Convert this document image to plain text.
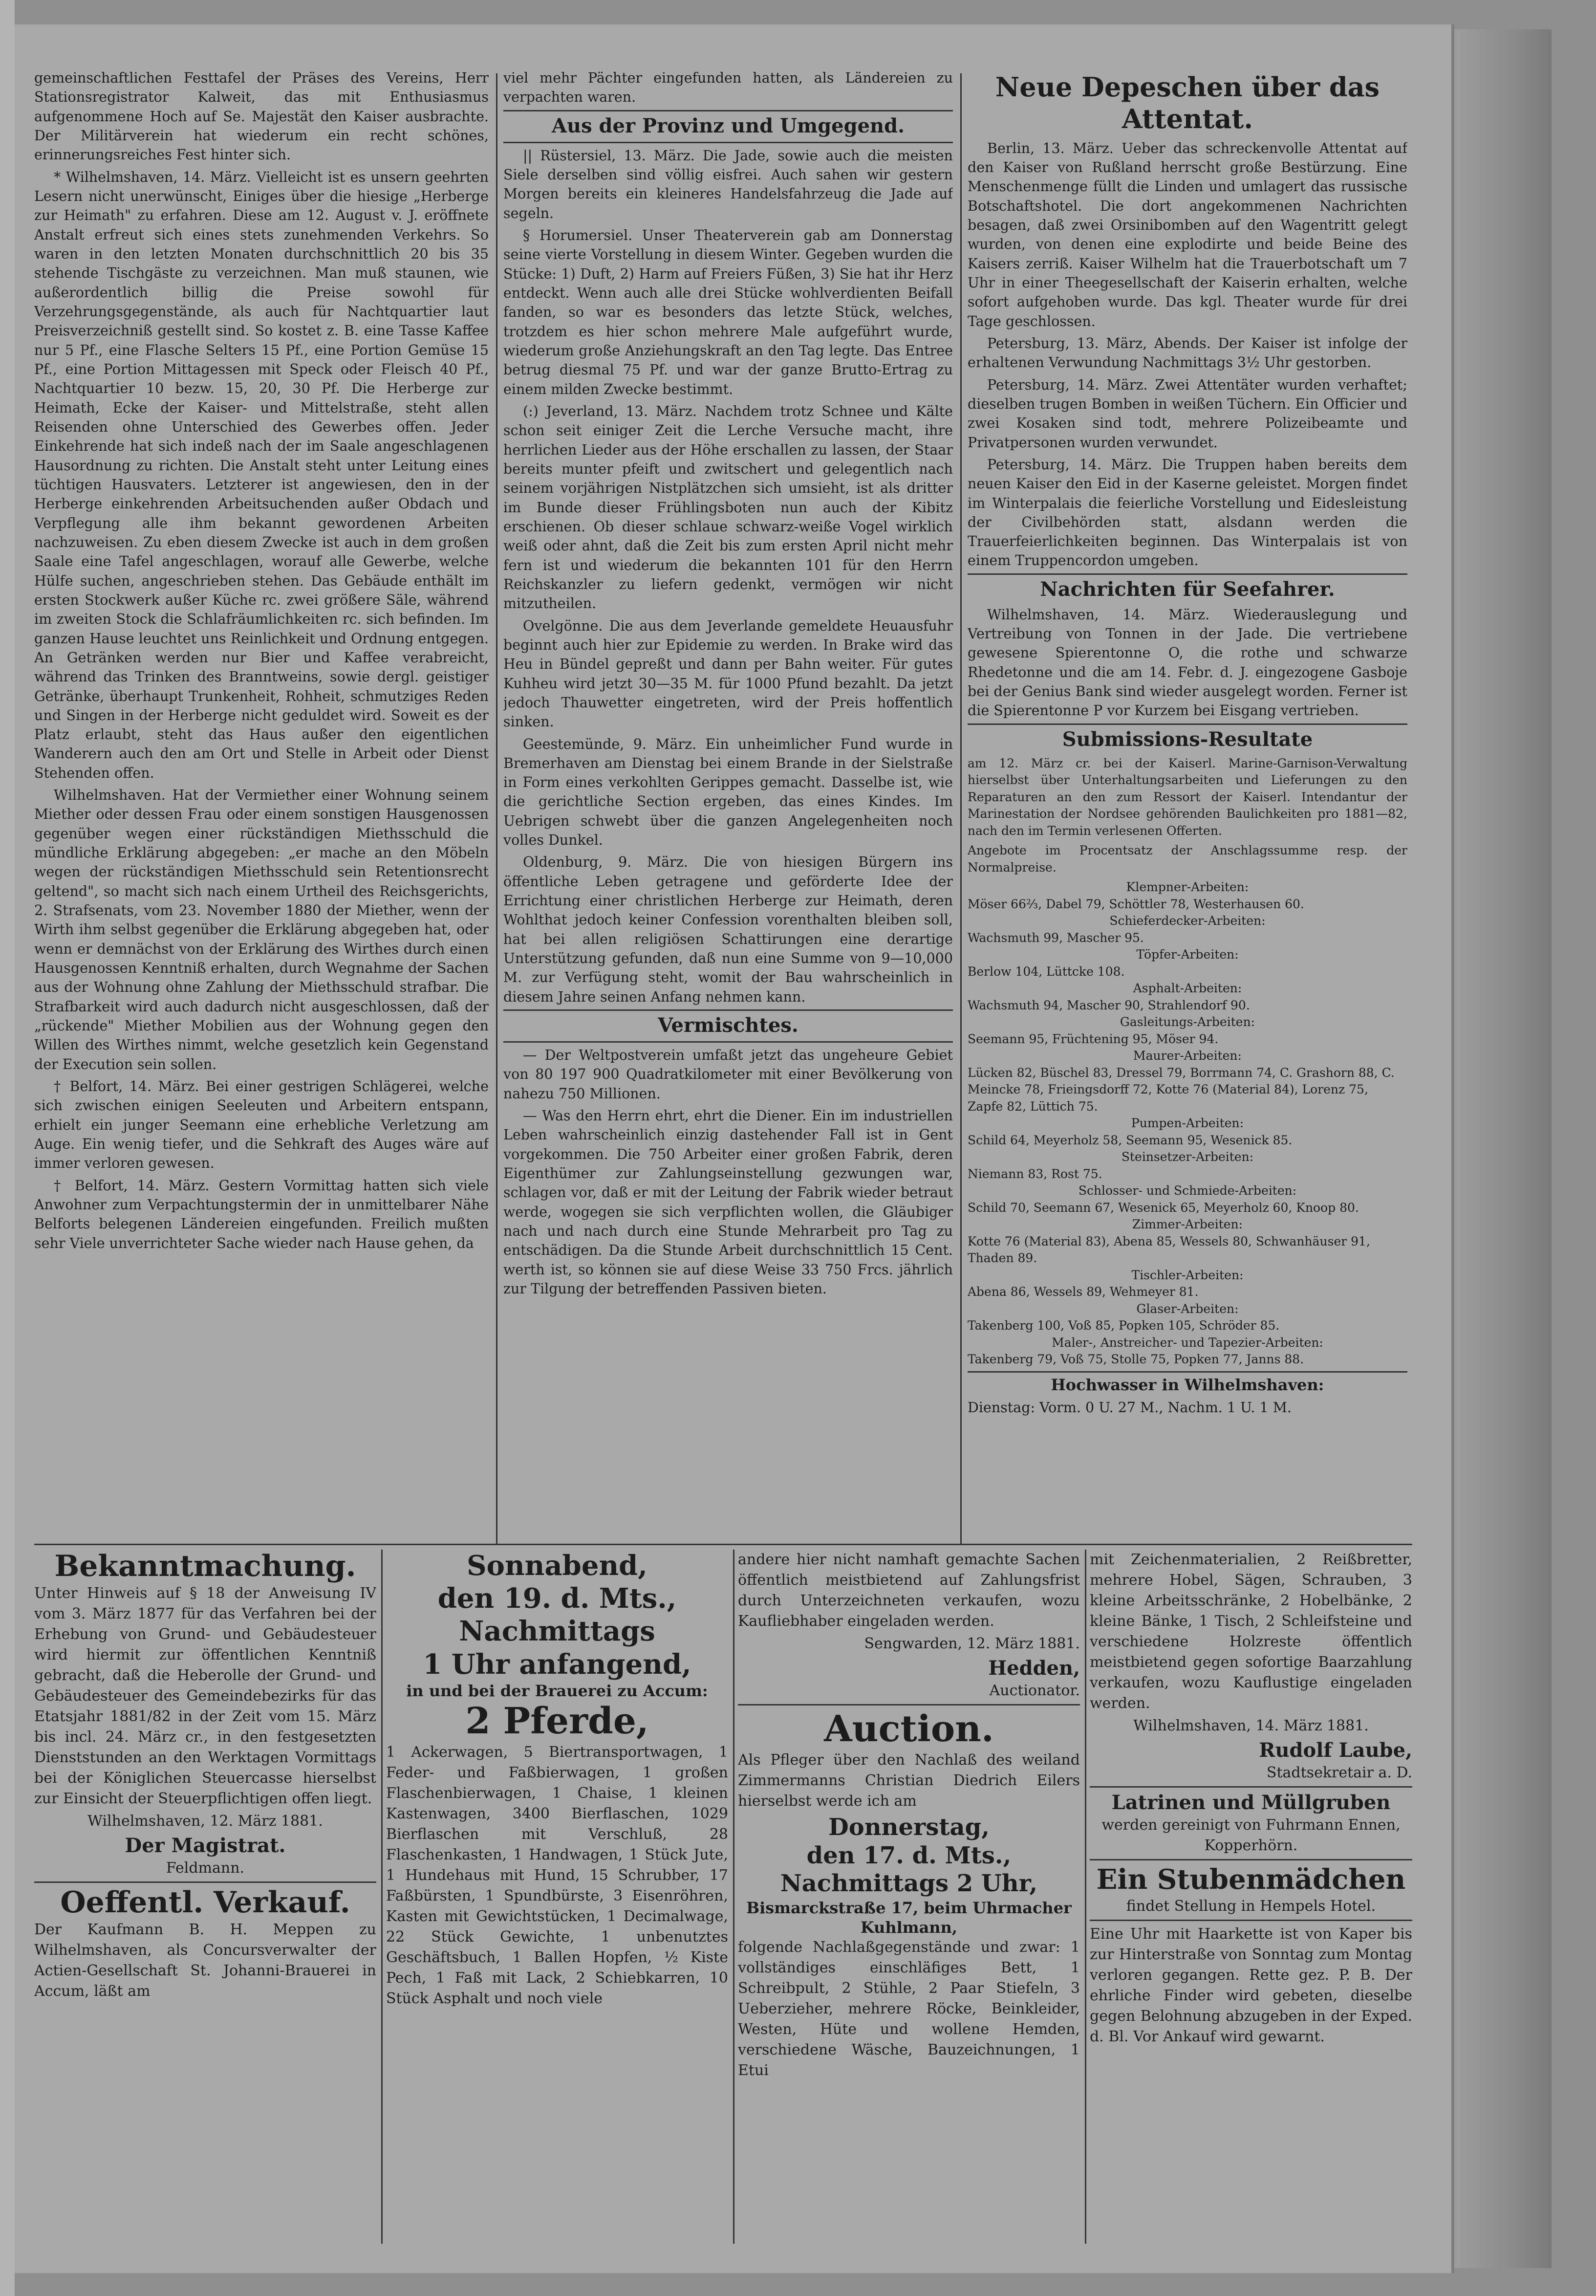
gemeinschaftlichen Festtafel der Präses des Vereins, Herr Stationsregistrator Kalweit, das mit Enthusiasmus aufgenommene Hoch auf Se. Majestät den Kaiser ausbrachte. Der Militärverein hat wiederum ein recht schönes, erinnerungsreiches Fest hinter sich.

* Wilhelmshaven, 14. März. Vielleicht ist es unsern geehrten Lesern nicht unerwünscht, Einiges über die hiesige „Herberge zur Heimath" zu erfahren. Diese am 12. August v. J. eröffnete Anstalt erfreut sich eines stets zunehmenden Verkehrs. So waren in den letzten Monaten durchschnittlich 20 bis 35 stehende Tischgäste zu verzeichnen. Man muß staunen, wie außerordentlich billig die Preise sowohl für Verzehrungsgegenstände, als auch für Nachtquartier laut Preisverzeichniß gestellt sind. So kostet z. B. eine Tasse Kaffee nur 5 Pf., eine Flasche Selters 15 Pf., eine Portion Gemüse 15 Pf., eine Portion Mittagessen mit Speck oder Fleisch 40 Pf., Nachtquartier 10 bezw. 15, 20, 30 Pf. Die Herberge zur Heimath, Ecke der Kaiser- und Mittelstraße, steht allen Reisenden ohne Unterschied des Gewerbes offen. Jeder Einkehrende hat sich indeß nach der im Saale angeschlagenen Hausordnung zu richten. Die Anstalt steht unter Leitung eines tüchtigen Hausvaters. Letzterer ist angewiesen, den in der Herberge einkehrenden Arbeitsuchenden außer Obdach und Verpflegung alle ihm bekannt gewordenen Arbeiten nachzuweisen. Zu eben diesem Zwecke ist auch in dem großen Saale eine Tafel angeschlagen, worauf alle Gewerbe, welche Hülfe suchen, angeschrieben stehen. Das Gebäude enthält im ersten Stockwerk außer Küche rc. zwei größere Säle, während im zweiten Stock die Schlafräumlichkeiten rc. sich befinden. Im ganzen Hause leuchtet uns Reinlichkeit und Ordnung entgegen. An Getränken werden nur Bier und Kaffee verabreicht, während das Trinken des Branntweins, sowie dergl. geistiger Getränke, überhaupt Trunkenheit, Rohheit, schmutziges Reden und Singen in der Herberge nicht geduldet wird. Soweit es der Platz erlaubt, steht das Haus außer den eigentlichen Wanderern auch den am Ort und Stelle in Arbeit oder Dienst Stehenden offen.

Wilhelmshaven. Hat der Vermiether einer Wohnung seinem Miether oder dessen Frau oder einem sonstigen Hausgenossen gegenüber wegen einer rückständigen Miethsschuld die mündliche Erklärung abgegeben: „er mache an den Möbeln wegen der rückständigen Miethsschuld sein Retentionsrecht geltend", so macht sich nach einem Urtheil des Reichsgerichts, 2. Strafsenats, vom 23. November 1880 der Miether, wenn der Wirth ihm selbst gegenüber die Erklärung abgegeben hat, oder wenn er demnächst von der Erklärung des Wirthes durch einen Hausgenossen Kenntniß erhalten, durch Wegnahme der Sachen aus der Wohnung ohne Zahlung der Miethsschuld strafbar. Die Strafbarkeit wird auch dadurch nicht ausgeschlossen, daß der „rückende" Miether Mobilien aus der Wohnung gegen den Willen des Wirthes nimmt, welche gesetzlich kein Gegenstand der Execution sein sollen.

† Belfort, 14. März. Bei einer gestrigen Schlägerei, welche sich zwischen einigen Seeleuten und Arbeitern entspann, erhielt ein junger Seemann eine erhebliche Verletzung am Auge. Ein wenig tiefer, und die Sehkraft des Auges wäre auf immer verloren gewesen.

† Belfort, 14. März. Gestern Vormittag hatten sich viele Anwohner zum Verpachtungstermin der in unmittelbarer Nähe Belforts belegenen Ländereien eingefunden. Freilich mußten sehr Viele unverrichteter Sache wieder nach Hause gehen, da

viel mehr Pächter eingefunden hatten, als Ländereien zu verpachten waren.

Aus der Provinz und Umgegend.

|| Rüstersiel, 13. März. Die Jade, sowie auch die meisten Siele derselben sind völlig eisfrei. Auch sahen wir gestern Morgen bereits ein kleineres Handelsfahrzeug die Jade auf segeln.

§ Horumersiel. Unser Theaterverein gab am Donnerstag seine vierte Vorstellung in diesem Winter. Gegeben wurden die Stücke: 1) Duft, 2) Harm auf Freiers Füßen, 3) Sie hat ihr Herz entdeckt. Wenn auch alle drei Stücke wohlverdienten Beifall fanden, so war es besonders das letzte Stück, welches, trotzdem es hier schon mehrere Male aufgeführt wurde, wiederum große Anziehungskraft an den Tag legte. Das Entree betrug diesmal 75 Pf. und war der ganze Brutto-Ertrag zu einem milden Zwecke bestimmt.

(:) Jeverland, 13. März. Nachdem trotz Schnee und Kälte schon seit einiger Zeit die Lerche Versuche macht, ihre herrlichen Lieder aus der Höhe erschallen zu lassen, der Staar bereits munter pfeift und zwitschert und gelegentlich nach seinem vorjährigen Nistplätzchen sich umsieht, ist als dritter im Bunde dieser Frühlingsboten nun auch der Kibitz erschienen. Ob dieser schlaue schwarz-weiße Vogel wirklich weiß oder ahnt, daß die Zeit bis zum ersten April nicht mehr fern ist und wiederum die bekannten 101 für den Herrn Reichskanzler zu liefern gedenkt, vermögen wir nicht mitzutheilen.

Ovelgönne. Die aus dem Jeverlande gemeldete Heuausfuhr beginnt auch hier zur Epidemie zu werden. In Brake wird das Heu in Bündel gepreßt und dann per Bahn weiter. Für gutes Kuhheu wird jetzt 30—35 M. für 1000 Pfund bezahlt. Da jetzt jedoch Thauwetter eingetreten, wird der Preis hoffentlich sinken.

Geestemünde, 9. März. Ein unheimlicher Fund wurde in Bremerhaven am Dienstag bei einem Brande in der Sielstraße in Form eines verkohlten Gerippes gemacht. Dasselbe ist, wie die gerichtliche Section ergeben, das eines Kindes. Im Uebrigen schwebt über die ganzen Angelegenheiten noch volles Dunkel.

Oldenburg, 9. März. Die von hiesigen Bürgern ins öffentliche Leben getragene und geförderte Idee der Errichtung einer christlichen Herberge zur Heimath, deren Wohlthat jedoch keiner Confession vorenthalten bleiben soll, hat bei allen religiösen Schattirungen eine derartige Unterstützung gefunden, daß nun eine Summe von 9—10,000 M. zur Verfügung steht, womit der Bau wahrscheinlich in diesem Jahre seinen Anfang nehmen kann.

Vermischtes.

— Der Weltpostverein umfaßt jetzt das ungeheure Gebiet von 80 197 900 Quadratkilometer mit einer Bevölkerung von nahezu 750 Millionen.

— Was den Herrn ehrt, ehrt die Diener. Ein im industriellen Leben wahrscheinlich einzig dastehender Fall ist in Gent vorgekommen. Die 750 Arbeiter einer großen Fabrik, deren Eigenthümer zur Zahlungseinstellung gezwungen war, schlagen vor, daß er mit der Leitung der Fabrik wieder betraut werde, wogegen sie sich verpflichten wollen, die Gläubiger nach und nach durch eine Stunde Mehrarbeit pro Tag zu entschädigen. Da die Stunde Arbeit durchschnittlich 15 Cent. werth ist, so können sie auf diese Weise 33 750 Frcs. jährlich zur Tilgung der betreffenden Passiven bieten.

Neue Depeschen über das Attentat.

Berlin, 13. März. Ueber das schreckenvolle Attentat auf den Kaiser von Rußland herrscht große Bestürzung. Eine Menschenmenge füllt die Linden und umlagert das russische Botschaftshotel. Die dort angekommenen Nachrichten besagen, daß zwei Orsinibomben auf den Wagentritt gelegt wurden, von denen eine explodirte und beide Beine des Kaisers zerriß. Kaiser Wilhelm hat die Trauerbotschaft um 7 Uhr in einer Theegesellschaft der Kaiserin erhalten, welche sofort aufgehoben wurde. Das kgl. Theater wurde für drei Tage geschlossen.

Petersburg, 13. März, Abends. Der Kaiser ist infolge der erhaltenen Verwundung Nachmittags 3½ Uhr gestorben.

Petersburg, 14. März. Zwei Attentäter wurden verhaftet; dieselben trugen Bomben in weißen Tüchern. Ein Officier und zwei Kosaken sind todt, mehrere Polizeibeamte und Privatpersonen wurden verwundet.

Petersburg, 14. März. Die Truppen haben bereits dem neuen Kaiser den Eid in der Kaserne geleistet. Morgen findet im Winterpalais die feierliche Vorstellung und Eidesleistung der Civilbehörden statt, alsdann werden die Trauerfeierlichkeiten beginnen. Das Winterpalais ist von einem Truppencordon umgeben.

Nachrichten für Seefahrer.

Wilhelmshaven, 14. März. Wiederauslegung und Vertreibung von Tonnen in der Jade. Die vertriebene gewesene Spierentonne O, die rothe und schwarze Rhedetonne und die am 14. Febr. d. J. eingezogene Gasboje bei der Genius Bank sind wieder ausgelegt worden. Ferner ist die Spierentonne P vor Kurzem bei Eisgang vertrieben.

Submissions-Resultate

am 12. März cr. bei der Kaiserl. Marine-Garnison-Verwaltung hierselbst über Unterhaltungsarbeiten und Lieferungen zu den Reparaturen an den zum Ressort der Kaiserl. Intendantur der Marinestation der Nordsee gehörenden Baulichkeiten pro 1881—82, nach den im Termin verlesenen Offerten.

Angebote im Procentsatz der Anschlagssumme resp. der Normalpreise.

Klempner-Arbeiten:

Möser 66⅔, Dabel 79, Schöttler 78, Westerhausen 60.

Schieferdecker-Arbeiten:

Wachsmuth 99, Mascher 95.

Töpfer-Arbeiten:

Berlow 104, Lüttcke 108.

Asphalt-Arbeiten:

Wachsmuth 94, Mascher 90, Strahlendorf 90.

Gasleitungs-Arbeiten:

Seemann 95, Früchtening 95, Möser 94.

Maurer-Arbeiten:

Lücken 82, Büschel 83, Dressel 79, Borrmann 74, C. Grashorn 88, C. Meincke 78, Frieingsdorff 72, Kotte 76 (Material 84), Lorenz 75, Zapfe 82, Lüttich 75.

Pumpen-Arbeiten:

Schild 64, Meyerholz 58, Seemann 95, Wesenick 85.

Steinsetzer-Arbeiten:

Niemann 83, Rost 75.

Schlosser- und Schmiede-Arbeiten:

Schild 70, Seemann 67, Wesenick 65, Meyerholz 60, Knoop 80.

Zimmer-Arbeiten:

Kotte 76 (Material 83), Abena 85, Wessels 80, Schwanhäuser 91, Thaden 89.

Tischler-Arbeiten:

Abena 86, Wessels 89, Wehmeyer 81.

Glaser-Arbeiten:

Takenberg 100, Voß 85, Popken 105, Schröder 85.

Maler-, Anstreicher- und Tapezier-Arbeiten:

Takenberg 79, Voß 75, Stolle 75, Popken 77, Janns 88.

Hochwasser in Wilhelmshaven:

Dienstag: Vorm. 0 U. 27 M., Nachm. 1 U. 1 M.

Bekanntmachung.

Unter Hinweis auf § 18 der Anweisung IV vom 3. März 1877 für das Verfahren bei der Erhebung von Grund- und Gebäudesteuer wird hiermit zur öffentlichen Kenntniß gebracht, daß die Heberolle der Grund- und Gebäudesteuer des Gemeindebezirks für das Etatsjahr 1881/82 in der Zeit vom 15. März bis incl. 24. März cr., in den festgesetzten Dienststunden an den Werktagen Vormittags bei der Königlichen Steuercasse hierselbst zur Einsicht der Steuerpflichtigen offen liegt.

Wilhelmshaven, 12. März 1881.

Der Magistrat.

Feldmann.

Oeffentl. Verkauf.

Der Kaufmann B. H. Meppen zu Wilhelmshaven, als Concursverwalter der Actien-Gesellschaft St. Johanni-Brauerei in Accum, läßt am

Sonnabend,
den 19. d. Mts.,
Nachmittags
1 Uhr anfangend,
in und bei der Brauerei zu Accum:
2 Pferde,

1 Ackerwagen, 5 Biertransportwagen, 1 Feder- und Faßbierwagen, 1 großen Flaschenbierwagen, 1 Chaise, 1 kleinen Kastenwagen, 3400 Bierflaschen, 1029 Bierflaschen mit Verschluß, 28 Flaschenkasten, 1 Handwagen, 1 Stück Jute, 1 Hundehaus mit Hund, 15 Schrubber, 17 Faßbürsten, 1 Spundbürste, 3 Eisenröhren, Kasten mit Gewichtstücken, 1 Decimalwage, 22 Stück Gewichte, 1 unbenutztes Geschäftsbuch, 1 Ballen Hopfen, ½ Kiste Pech, 1 Faß mit Lack, 2 Schiebkarren, 10 Stück Asphalt und noch viele

andere hier nicht namhaft gemachte Sachen öffentlich meistbietend auf Zahlungsfrist durch Unterzeichneten verkaufen, wozu Kaufliebhaber eingeladen werden.

Sengwarden, 12. März 1881.

Hedden,

Auctionator.

Auction.

Als Pfleger über den Nachlaß des weiland Zimmermanns Christian Diedrich Eilers hierselbst werde ich am

Donnerstag,
den 17. d. Mts.,
Nachmittags 2 Uhr,
Bismarckstraße 17, beim Uhrmacher Kuhlmann,

folgende Nachlaßgegenstände und zwar: 1 vollständiges einschläfiges Bett, 1 Schreibpult, 2 Stühle, 2 Paar Stiefeln, 3 Ueberzieher, mehrere Röcke, Beinkleider, Westen, Hüte und wollene Hemden, verschiedene Wäsche, Bauzeichnungen, 1 Etui

mit Zeichenmaterialien, 2 Reißbretter, mehrere Hobel, Sägen, Schrauben, 3 kleine Arbeitsschränke, 2 Hobelbänke, 2 kleine Bänke, 1 Tisch, 2 Schleifsteine und verschiedene Holzreste öffentlich meistbietend gegen sofortige Baarzahlung verkaufen, wozu Kauflustige eingeladen werden.

Wilhelmshaven, 14. März 1881.

Rudolf Laube,

Stadtsekretair a. D.

Latrinen und Müllgruben

werden gereinigt von Fuhrmann Ennen, Kopperhörn.

Ein Stubenmädchen

findet Stellung in Hempels Hotel.

Eine Uhr mit Haarkette ist von Kaper bis zur Hinterstraße von Sonntag zum Montag verloren gegangen. Rette gez. P. B. Der ehrliche Finder wird gebeten, dieselbe gegen Belohnung abzugeben in der Exped. d. Bl. Vor Ankauf wird gewarnt.
